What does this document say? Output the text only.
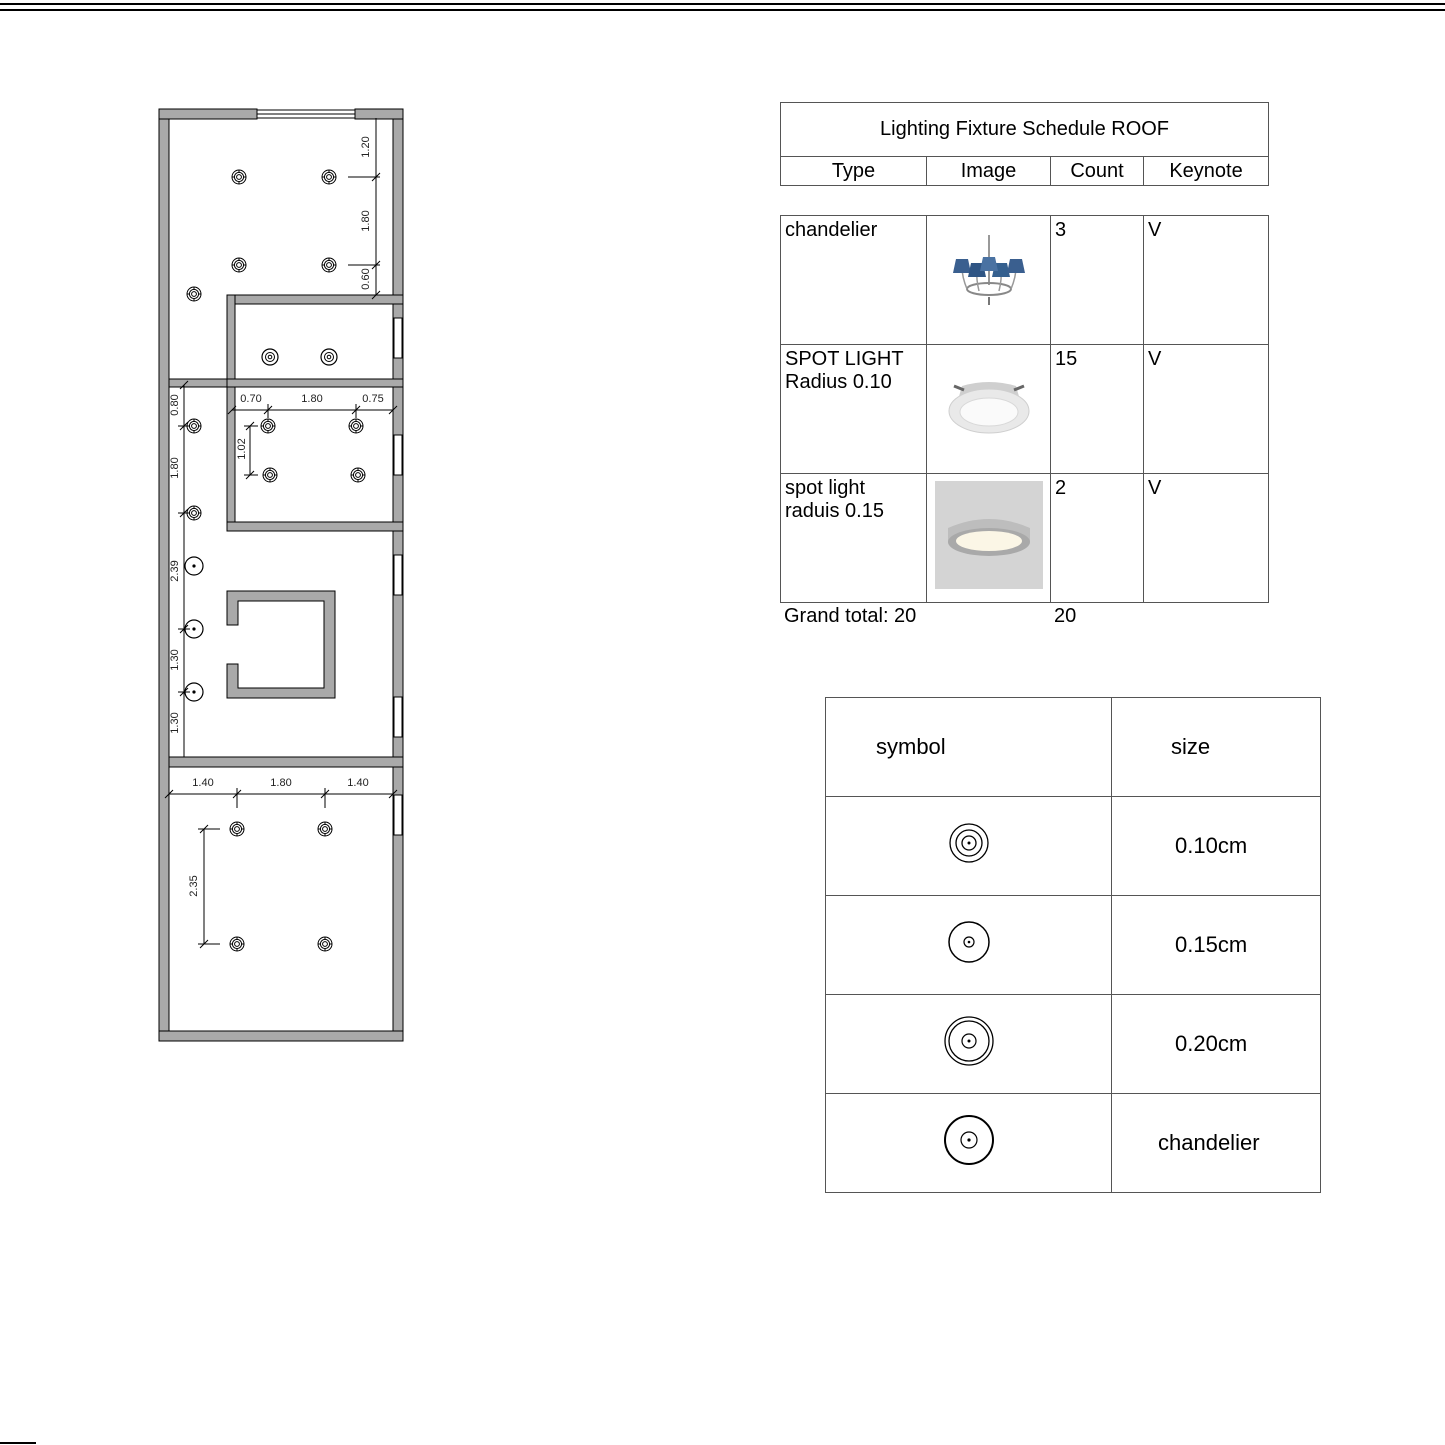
1.20
1.80
0.60
0.70	1.80	0.75
1.02
0.80
1.80
2.39
1.30
1.30
1.40	1.80	1.40
2.35
Lighting Fixture Schedule ROOF
Type	Image	Count	Keynote
chandelier		3	V

SPOT LIGHT
Radius 0.10		15	V

spot light
raduis 0.15		2	V
Grand total: 20	20
symbol	size
	0.10cm
	0.15cm
	0.20cm
	chandelier
